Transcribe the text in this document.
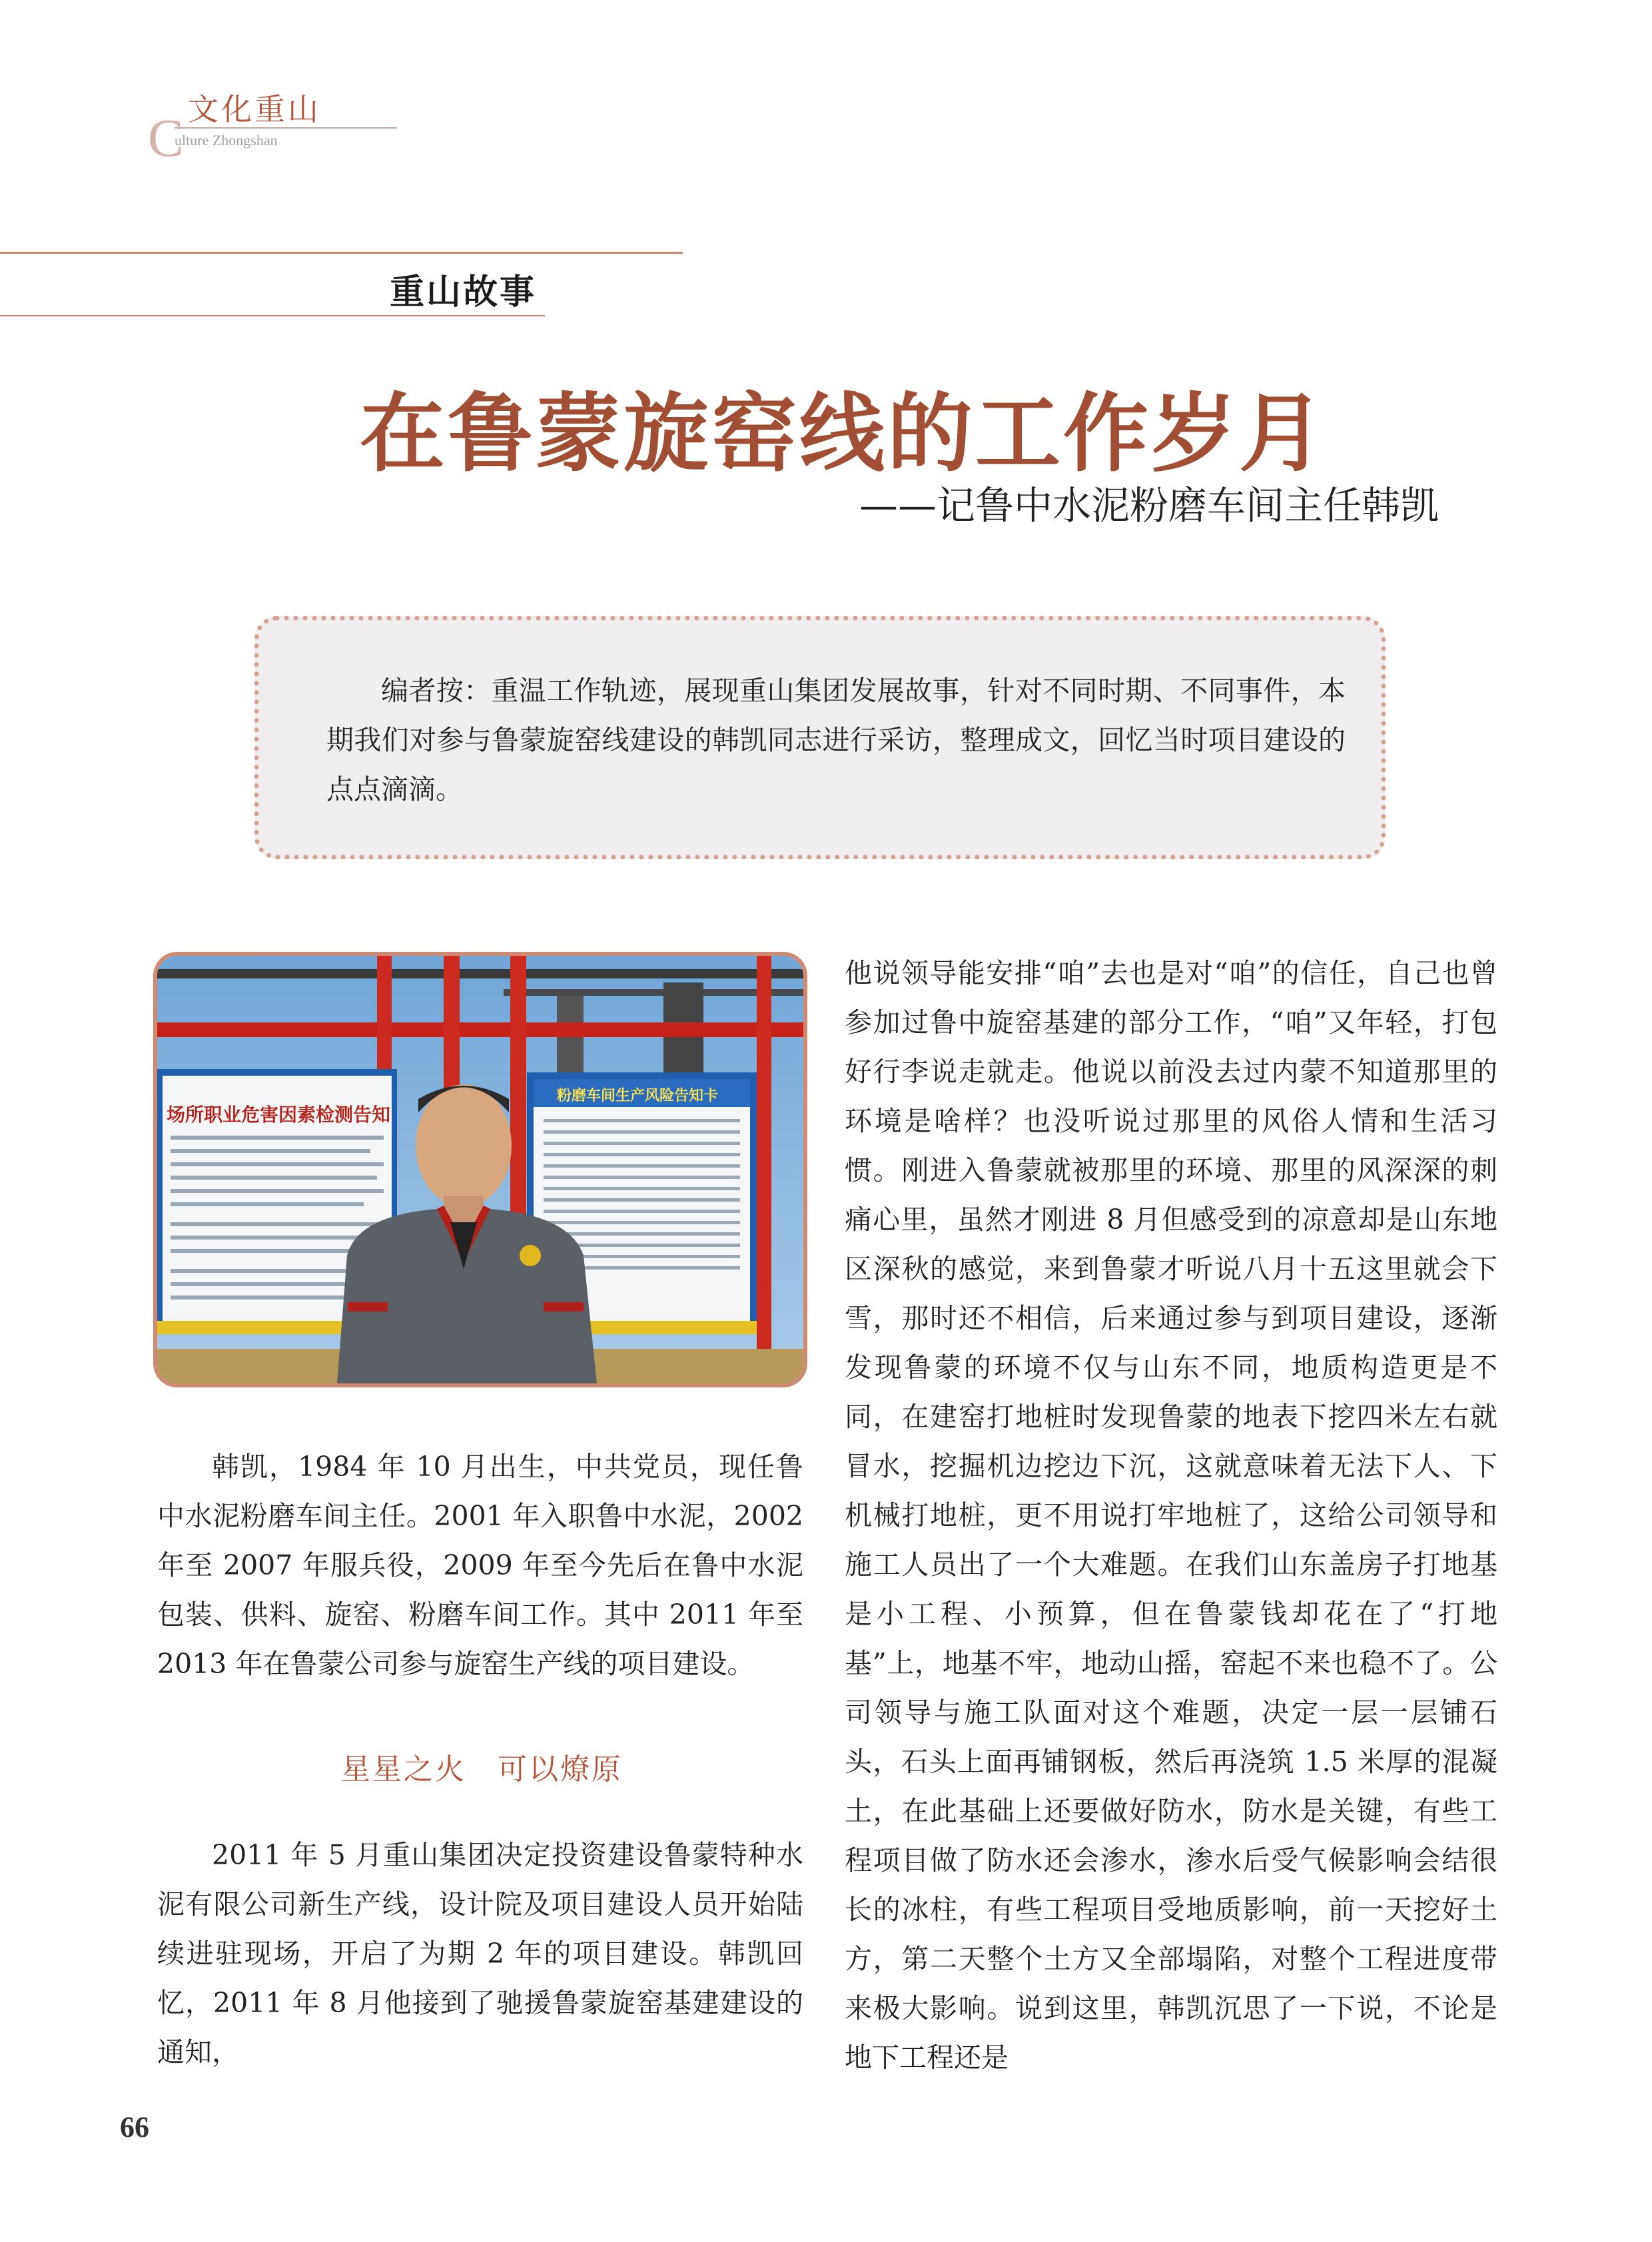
文化重山
C
ulture Zhongshan
重山故事
在鲁蒙旋窑线的工作岁月
——记鲁中水泥粉磨车间主任韩凯

编者按：重温工作轨迹，展现重山集团发展故事，针对不同时期、不同事件，本期我们对参与鲁蒙旋窑线建设的韩凯同志进行采访，整理成文，回忆当时项目建设的点点滴滴。

场所职业危害因素检测告知
粉磨车间生产风险告知卡

韩凯，1984 年 10 月出生，中共党员，现任鲁中水泥粉磨车间主任。2001 年入职鲁中水泥，2002 年至 2007 年服兵役，2009 年至今先后在鲁中水泥包装、供料、旋窑、粉磨车间工作。其中 2011 年至 2013 年在鲁蒙公司参与旋窑生产线的项目建设。

星星之火　可以燎原

2011 年 5 月重山集团决定投资建设鲁蒙特种水泥有限公司新生产线，设计院及项目建设人员开始陆续进驻现场，开启了为期 2 年的项目建设。韩凯回忆，2011 年 8 月他接到了驰援鲁蒙旋窑基建建设的通知，

他说领导能安排“咱”去也是对“咱”的信任，自己也曾参加过鲁中旋窑基建的部分工作，“咱”又年轻，打包好行李说走就走。他说以前没去过内蒙不知道那里的环境是啥样？也没听说过那里的风俗人情和生活习惯。刚进入鲁蒙就被那里的环境、那里的风深深的刺痛心里，虽然才刚进 8 月但感受到的凉意却是山东地区深秋的感觉，来到鲁蒙才听说八月十五这里就会下雪，那时还不相信，后来通过参与到项目建设，逐渐发现鲁蒙的环境不仅与山东不同，地质构造更是不同，在建窑打地桩时发现鲁蒙的地表下挖四米左右就冒水，挖掘机边挖边下沉，这就意味着无法下人、下机械打地桩，更不用说打牢地桩了，这给公司领导和施工人员出了一个大难题。在我们山东盖房子打地基是小工程、小预算，但在鲁蒙钱却花在了“打地基”上，地基不牢，地动山摇，窑起不来也稳不了。公司领导与施工队面对这个难题，决定一层一层铺石头，石头上面再铺钢板，然后再浇筑 1.5 米厚的混凝土，在此基础上还要做好防水，防水是关键，有些工程项目做了防水还会渗水，渗水后受气候影响会结很长的冰柱，有些工程项目受地质影响，前一天挖好土方，第二天整个土方又全部塌陷，对整个工程进度带来极大影响。说到这里，韩凯沉思了一下说，不论是地下工程还是

66
